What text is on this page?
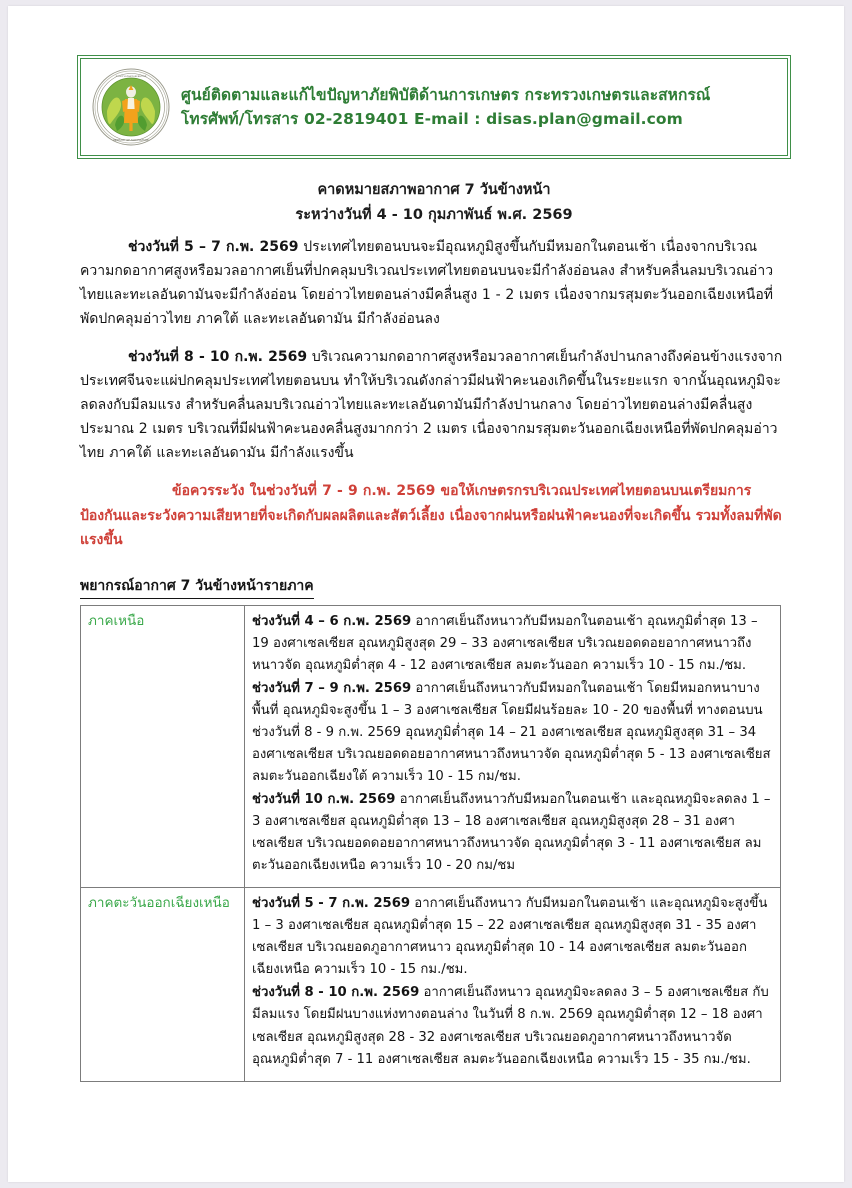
กระทรวงเกษตรและสหกรณ์
MINISTRY OF AGRICULTURE
ศูนย์ติดตามและแก้ไขปัญหาภัยพิบัติด้านการเกษตร กระทรวงเกษตรและสหกรณ์
โทรศัพท์/โทรสาร 02-2819401 E-mail : disas.plan@gmail.com
คาดหมายสภาพอากาศ 7 วันข้างหน้า
ระหว่างวันที่ 4 - 10 กุมภาพันธ์ พ.ศ. 2569

ช่วงวันที่ 5 – 7 ก.พ. 2569 ประเทศไทยตอนบนจะมีอุณหภูมิสูงขึ้นกับมีหมอกในตอนเช้า เนื่องจากบริเวณความกดอากาศสูงหรือมวลอากาศเย็นที่ปกคลุมบริเวณประเทศไทยตอนบนจะมีกำลังอ่อนลง สำหรับคลื่นลมบริเวณอ่าวไทยและทะเลอันดามันจะมีกำลังอ่อน โดยอ่าวไทยตอนล่างมีคลื่นสูง 1 - 2 เมตร เนื่องจากมรสุมตะวันออกเฉียงเหนือที่พัดปกคลุมอ่าวไทย ภาคใต้ และทะเลอันดามัน มีกำลังอ่อนลง

ช่วงวันที่ 8 - 10 ก.พ. 2569 บริเวณความกดอากาศสูงหรือมวลอากาศเย็นกำลังปานกลางถึงค่อนข้างแรงจากประเทศจีนจะแผ่ปกคลุมประเทศไทยตอนบน ทำให้บริเวณดังกล่าวมีฝนฟ้าคะนองเกิดขึ้นในระยะแรก จากนั้นอุณหภูมิจะลดลงกับมีลมแรง สำหรับคลื่นลมบริเวณอ่าวไทยและทะเลอันดามันมีกำลังปานกลาง โดยอ่าวไทยตอนล่างมีคลื่นสูงประมาณ 2 เมตร บริเวณที่มีฝนฟ้าคะนองคลื่นสูงมากกว่า 2 เมตร เนื่องจากมรสุมตะวันออกเฉียงเหนือที่พัดปกคลุมอ่าวไทย ภาคใต้ และทะเลอันดามัน มีกำลังแรงขึ้น

ข้อควรระวัง ในช่วงวันที่ 7 - 9 ก.พ. 2569 ขอให้เกษตรกรบริเวณประเทศไทยตอนบนเตรียมการป้องกันและระวังความเสียหายที่จะเกิดกับผลผลิตและสัตว์เลี้ยง เนื่องจากฝนหรือฝนฟ้าคะนองที่จะเกิดขึ้น รวมทั้งลมที่พัดแรงขึ้น

พยากรณ์อากาศ 7 วันข้างหน้ารายภาค
ภาคเหนือ	ช่วงวันที่ 4 – 6 ก.พ. 2569 อากาศเย็นถึงหนาวกับมีหมอกในตอนเช้า อุณหภูมิต่ำสุด 13 – 19 องศาเซลเซียส อุณหภูมิสูงสุด 29 – 33 องศาเซลเซียส บริเวณยอดดอยอากาศหนาวถึงหนาวจัด อุณหภูมิต่ำสุด 4 - 12 องศาเซลเซียส ลมตะวันออก ความเร็ว 10 - 15 กม./ชม.
ช่วงวันที่ 7 – 9 ก.พ. 2569 อากาศเย็นถึงหนาวกับมีหมอกในตอนเช้า โดยมีหมอกหนาบางพื้นที่ อุณหภูมิจะสูงขึ้น 1 – 3 องศาเซลเซียส โดยมีฝนร้อยละ 10 - 20 ของพื้นที่ ทางตอนบน ช่วงวันที่ 8 - 9 ก.พ. 2569 อุณหภูมิต่ำสุด 14 – 21 องศาเซลเซียส อุณหภูมิสูงสุด 31 – 34 องศาเซลเซียส บริเวณยอดดอยอากาศหนาวถึงหนาวจัด อุณหภูมิต่ำสุด 5 - 13 องศาเซลเซียส ลมตะวันออกเฉียงใต้ ความเร็ว 10 - 15 กม/ชม.
ช่วงวันที่ 10 ก.พ. 2569 อากาศเย็นถึงหนาวกับมีหมอกในตอนเช้า และอุณหภูมิจะลดลง 1 – 3 องศาเซลเซียส อุณหภูมิต่ำสุด 13 – 18 องศาเซลเซียส อุณหภูมิสูงสุด 28 – 31 องศาเซลเซียส บริเวณยอดดอยอากาศหนาวถึงหนาวจัด อุณหภูมิต่ำสุด 3 - 11 องศาเซลเซียส ลมตะวันออกเฉียงเหนือ ความเร็ว 10 - 20 กม/ชม

ภาคตะวันออกเฉียงเหนือ	ช่วงวันที่ 5 - 7 ก.พ. 2569 อากาศเย็นถึงหนาว กับมีหมอกในตอนเช้า และอุณหภูมิจะสูงขึ้น 1 – 3 องศาเซลเซียส อุณหภูมิต่ำสุด 15 – 22 องศาเซลเซียส อุณหภูมิสูงสุด 31 - 35 องศาเซลเซียส บริเวณยอดภูอากาศหนาว อุณหภูมิต่ำสุด 10 - 14 องศาเซลเซียส ลมตะวันออกเฉียงเหนือ ความเร็ว 10 - 15 กม./ชม.
ช่วงวันที่ 8 - 10 ก.พ. 2569 อากาศเย็นถึงหนาว อุณหภูมิจะลดลง 3 – 5 องศาเซลเซียส กับมีลมแรง โดยมีฝนบางแห่งทางตอนล่าง ในวันที่ 8 ก.พ. 2569 อุณหภูมิต่ำสุด 12 – 18 องศาเซลเซียส อุณหภูมิสูงสุด 28 - 32 องศาเซลเซียส บริเวณยอดภูอากาศหนาวถึงหนาวจัด อุณหภูมิต่ำสุด 7 - 11 องศาเซลเซียส ลมตะวันออกเฉียงเหนือ ความเร็ว 15 - 35 กม./ชม.
